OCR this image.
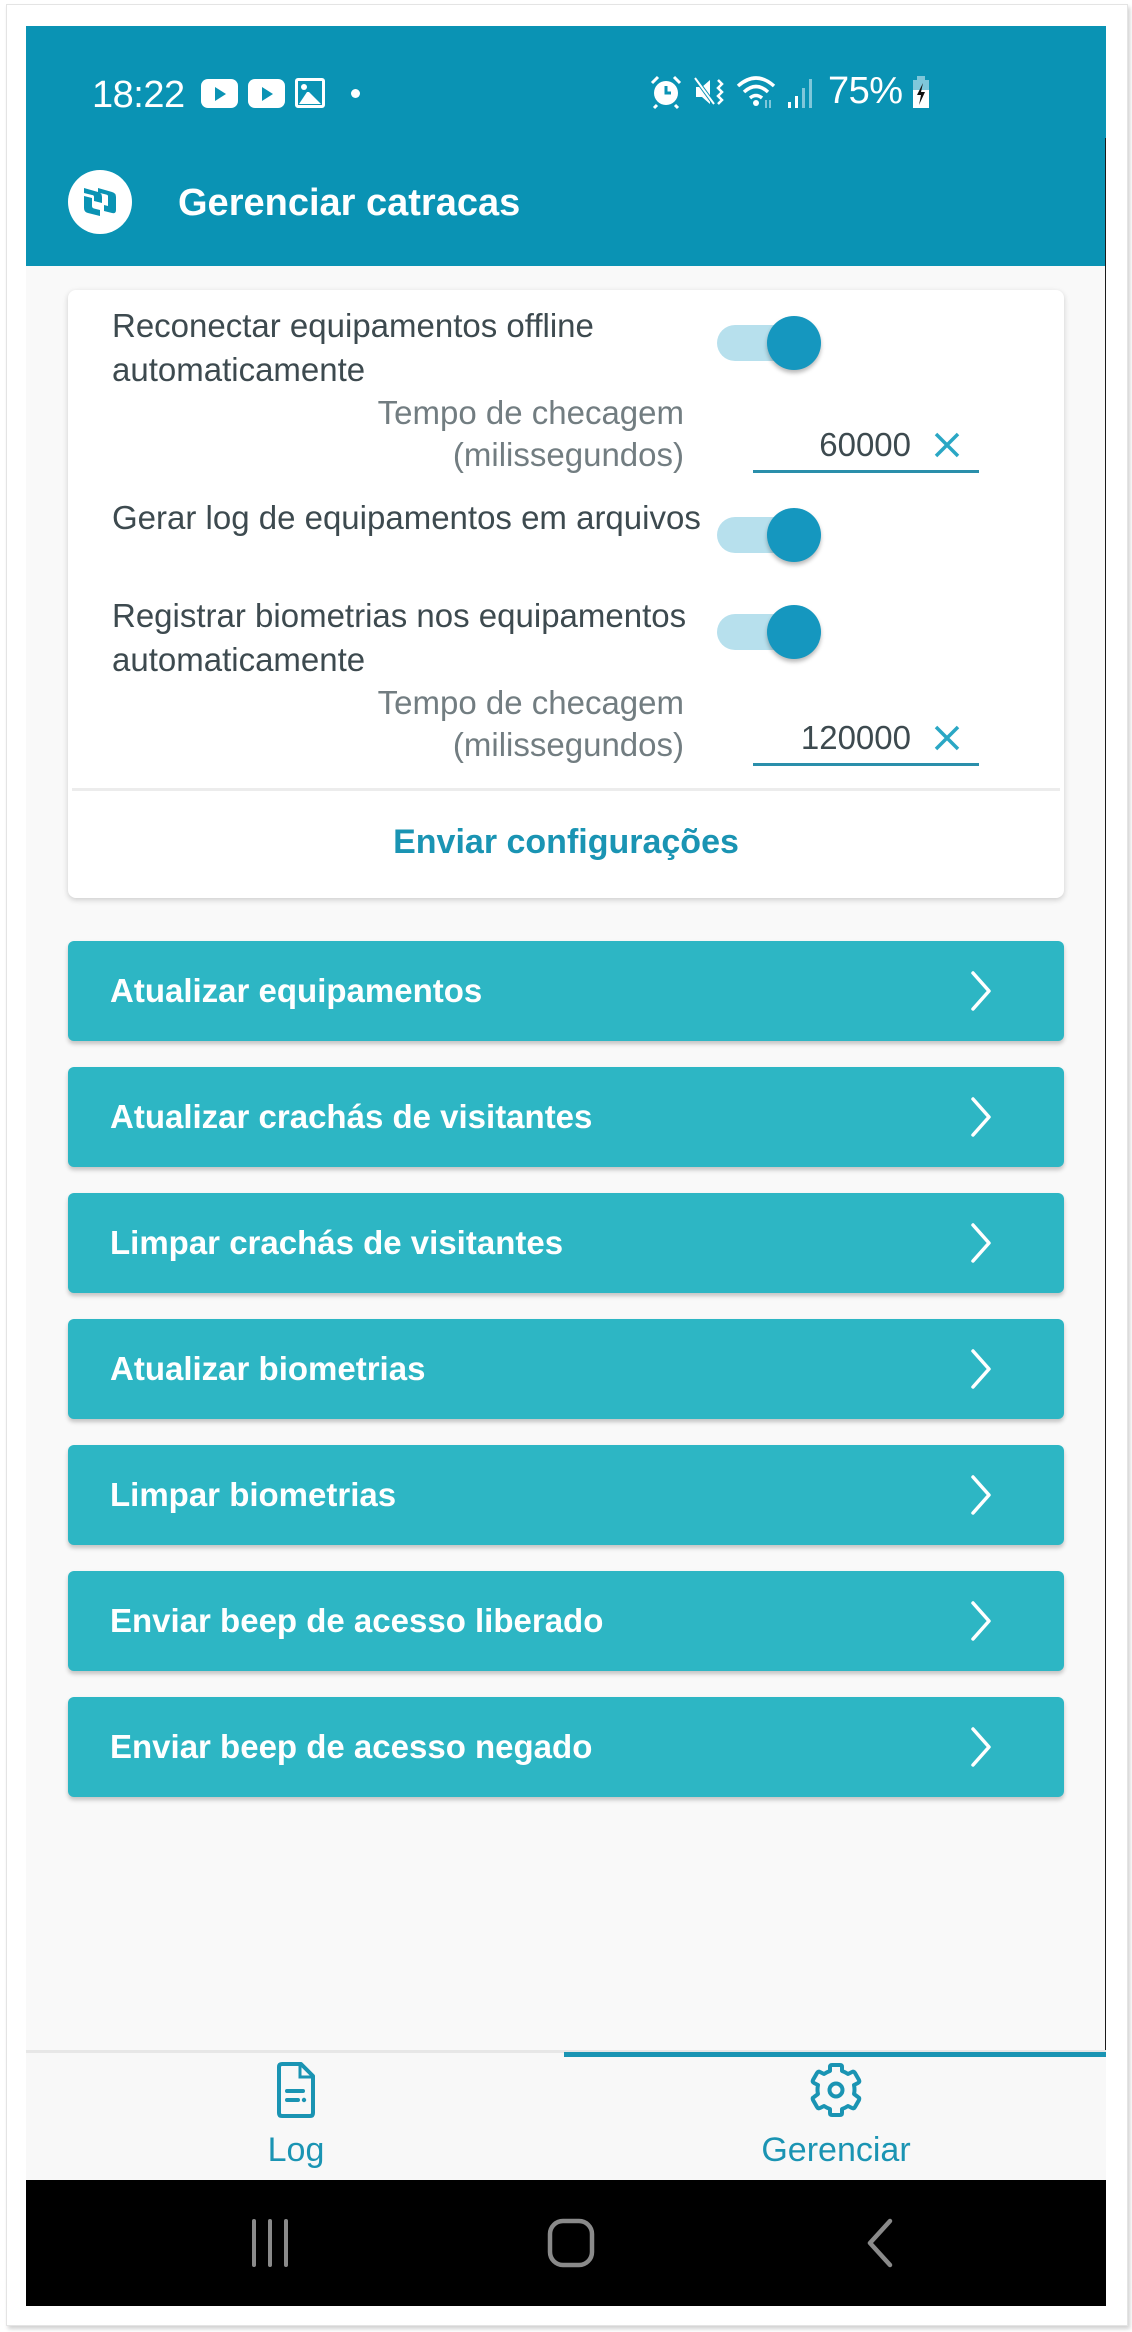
18:22	75%
Gerenciar catracas
Reconectar equipamentos offline automaticamente
Tempo de checagem
(milissegundos)
60000
Gerar log de equipamentos em arquivos
Registrar biometrias nos equipamentos automaticamente
Tempo de checagem
(milissegundos)
120000
Enviar configurações
Atualizar equipamentos
Atualizar crachás de visitantes
Limpar crachás de visitantes
Atualizar biometrias
Limpar biometrias
Enviar beep de acesso liberado
Enviar beep de acesso negado
Log	Gerenciar
